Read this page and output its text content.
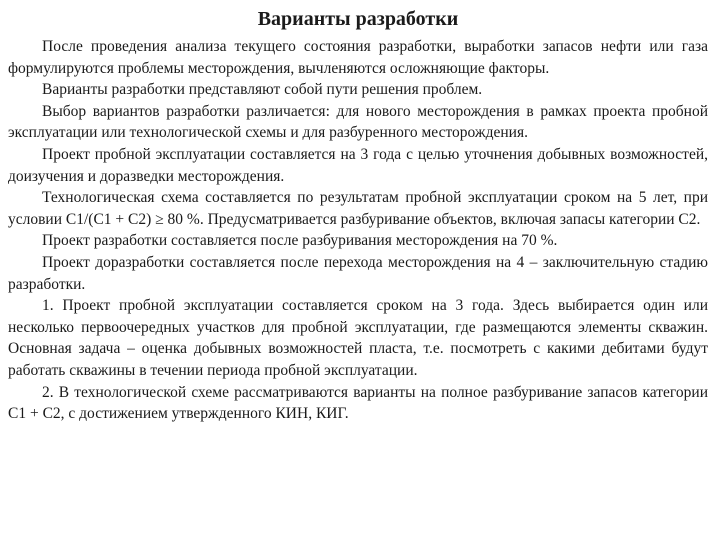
Варианты разработки

После проведения анализа текущего состояния разработки, выработки запасов нефти или газа формулируются проблемы месторождения, вычленяются осложняющие факторы.

Варианты разработки представляют собой пути решения проблем.

Выбор вариантов разработки различается: для нового месторождения в рамках проекта пробной эксплуатации или технологической схемы и для разбуренного месторождения.

Проект пробной эксплуатации составляется на 3 года с целью уточнения добывных возможностей, доизучения и доразведки месторождения.

Технологическая схема составляется по результатам пробной эксплуатации сроком на 5 лет, при условии С1/(С1 + С2) ≥ 80 %. Предусматривается разбуривание объектов, включая запасы категории С2.

Проект разработки составляется после разбуривания месторождения на 70 %.

Проект доразработки составляется после перехода месторождения на 4 – заключительную стадию разработки.

1. Проект пробной эксплуатации составляется сроком на 3 года. Здесь выбирается один или несколько первоочередных участков для пробной эксплуатации, где размещаются элементы скважин. Основная задача – оценка добывных возможностей пласта, т.е. посмотреть с какими дебитами будут работать скважины в течении периода пробной эксплуатации.

2. В технологической схеме рассматриваются варианты на полное разбуривание запасов категории С1 + С2, с достижением утвержденного КИН, КИГ.
